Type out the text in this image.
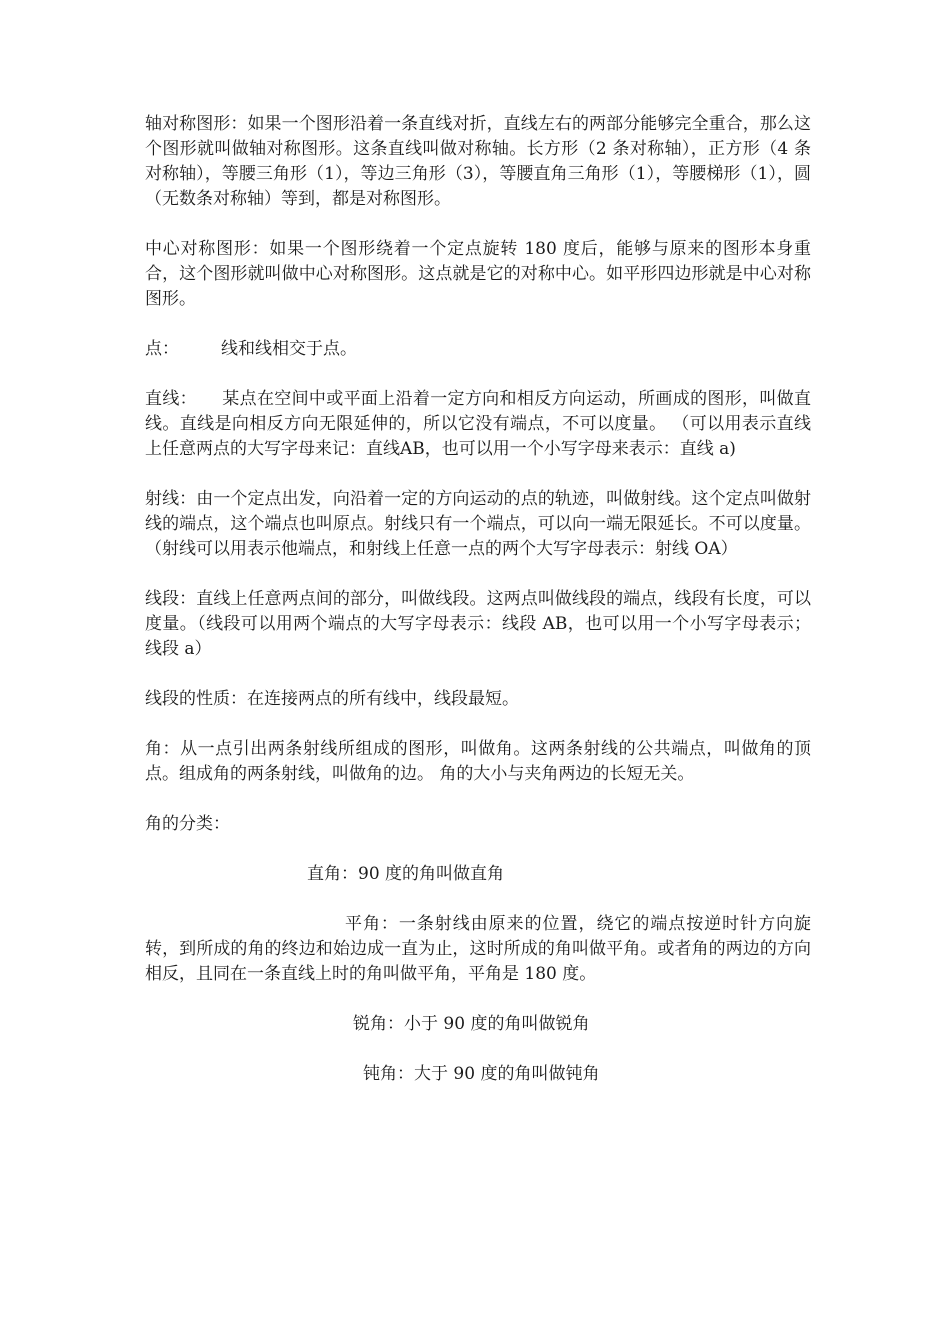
轴对称图形：如果一个图形沿着一条直线对折，直线左右的两部分能够完全重合，那么这个图形就叫做轴对称图形。这条直线叫做对称轴。长方形（2 条对称轴），正方形（4 条对称轴），等腰三角形（1），等边三角形（3），等腰直角三角形（1），等腰梯形（1），圆（无数条对称轴）等到，都是对称图形。

中心对称图形：如果一个图形绕着一个定点旋转 180 度后，能够与原来的图形本身重合，这个图形就叫做中心对称图形。这点就是它的对称中心。如平形四边形就是中心对称图形。

点： 线和线相交于点。

直线： 某点在空间中或平面上沿着一定方向和相反方向运动，所画成的图形，叫做直线。直线是向相反方向无限延伸的，所以它没有端点，不可以度量。 （可以用表示直线上任意两点的大写字母来记：直线AB，也可以用一个小写字母来表示：直线 a)

射线：由一个定点出发，向沿着一定的方向运动的点的轨迹，叫做射线。这个定点叫做射线的端点，这个端点也叫原点。射线只有一个端点，可以向一端无限延长。不可以度量。（射线可以用表示他端点，和射线上任意一点的两个大写字母表示：射线 OA）

线段：直线上任意两点间的部分，叫做线段。这两点叫做线段的端点，线段有长度，可以度量。（线段可以用两个端点的大写字母表示：线段 AB，也可以用一个小写字母表示；线段 a）

线段的性质：在连接两点的所有线中，线段最短。

角：从一点引出两条射线所组成的图形，叫做角。这两条射线的公共端点，叫做角的顶点。组成角的两条射线，叫做角的边。 角的大小与夹角两边的长短无关。

角的分类：

直角：90 度的角叫做直角

平角：一条射线由原来的位置，绕它的端点按逆时针方向旋转，到所成的角的终边和始边成一直为止，这时所成的角叫做平角。或者角的两边的方向相反，且同在一条直线上时的角叫做平角，平角是 180 度。

锐角：小于 90 度的角叫做锐角

钝角：大于 90 度的角叫做钝角
